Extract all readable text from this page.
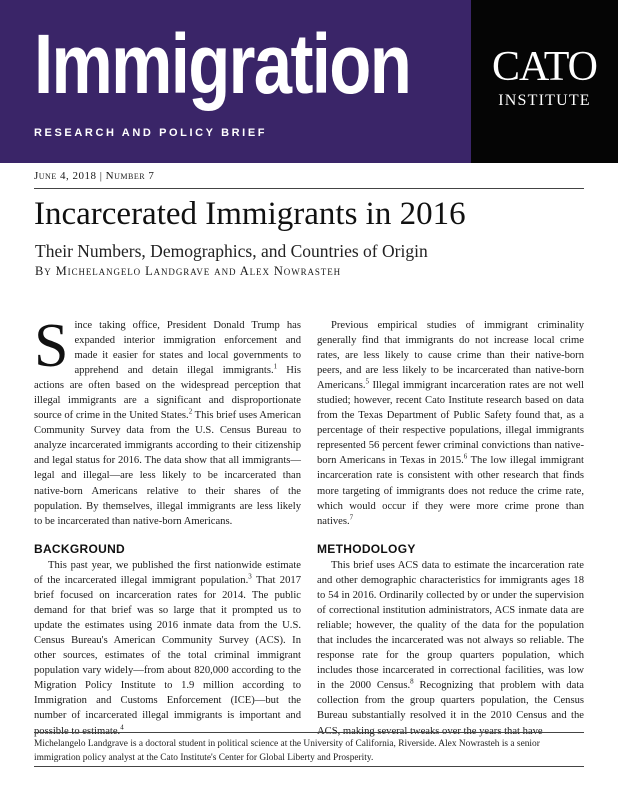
Immigration
RESEARCH AND POLICY BRIEF
CATO
INSTITUTE
June 4, 2018 | Number 7
Incarcerated Immigrants in 2016
Their Numbers, Demographics, and Countries of Origin
By Michelangelo Landgrave and Alex Nowrasteh

Since taking office, President Donald Trump has expanded interior immigration enforcement and made it easier for states and local governments to apprehend and detain illegal immigrants.$^1$ His actions are often based on the widespread perception that illegal immigrants are a significant and disproportionate source of crime in the United States.$^2$ This brief uses American Community Survey data from the U.S. Census Bureau to analyze incarcerated immigrants according to their citizenship and legal status for 2016. The data show that all immigrants—legal and illegal—are less likely to be incarcerated than native-born Americans relative to their shares of the population. By themselves, illegal immigrants are less likely to be incarcerated than native-born Americans.

Previous empirical studies of immigrant criminality generally find that immigrants do not increase local crime rates, are less likely to cause crime than their native-born peers, and are less likely to be incarcerated than native-born Americans.$^5$ Illegal immigrant incarceration rates are not well studied; however, recent Cato Institute research based on data from the Texas Department of Public Safety found that, as a percentage of their respective populations, illegal immigrants represented 56 percent fewer criminal convictions than native-born Americans in Texas in 2015.$^6$ The low illegal immigrant incarceration rate is consistent with other research that finds more targeting of immigrants does not reduce the crime rate, which would occur if they were more crime prone than natives.$^7$

BACKGROUND

This past year, we published the first nationwide estimate of the incarcerated illegal immigrant population.$^3$ That 2017 brief focused on incarceration rates for 2014. The public demand for that brief was so large that it prompted us to update the estimates using 2016 inmate data from the U.S. Census Bureau's American Community Survey (ACS). In other sources, estimates of the total criminal immigrant population vary widely—from about 820,000 according to the Migration Policy Institute to 1.9 million according to Immigration and Customs Enforcement (ICE)—but the number of incarcerated illegal immigrants is important and $^4$

METHODOLOGY

This brief uses ACS data to estimate the incarceration rate and other demographic characteristics for immigrants ages 18 to 54 in 2016. Ordinarily collected by or under the supervision of correctional institution administrators, ACS inmate data are reliable; however, the quality of the data for the population that includes the incarcerated was not always so reliable. The response rate for the group quarters population, which includes those incarcerated in correctional facilities, was low in the 2000 Census.$^8$ Recognizing that problem with data collection from the group quarters population, the Census Bureau substantially resolved it in the 2010 Census and the

Michelangelo Landgrave is a doctoral student in political science at the University of California, Riverside. Alex Nowrasteh is a senior immigration policy analyst at the Cato Institute's Center for Global Liberty and Prosperity.
